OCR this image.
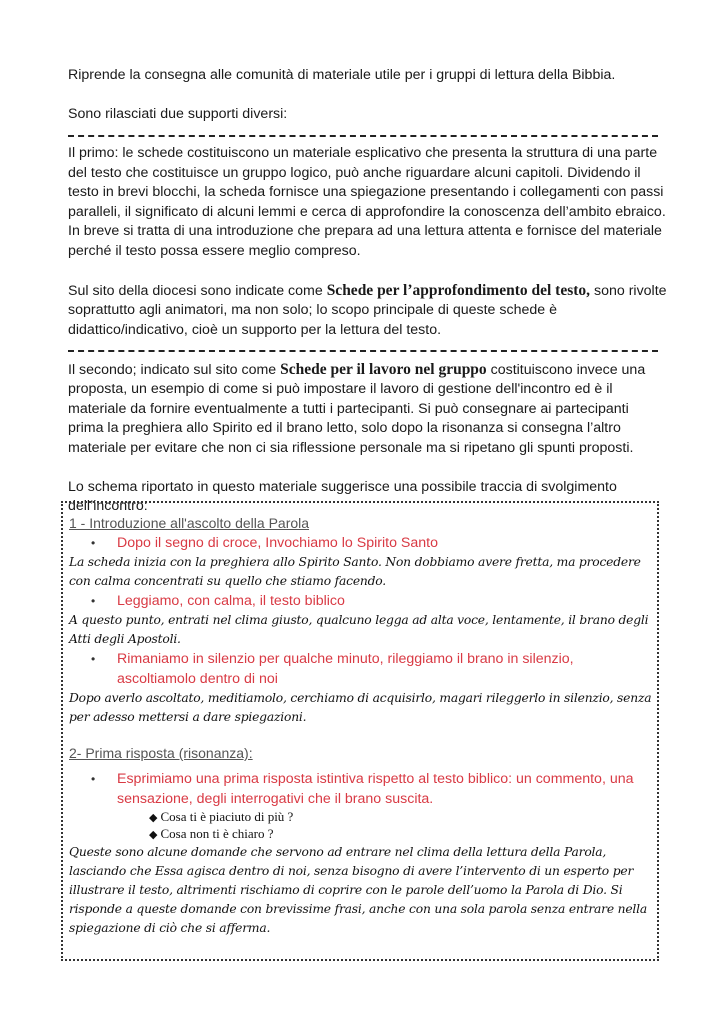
Riprende la consegna alle comunità di materiale utile per i gruppi di lettura della Bibbia.

Sono rilasciati due supporti diversi:

Il primo: le schede costituiscono un materiale esplicativo che presenta la struttura di una parte del testo che costituisce un gruppo logico, può anche riguardare alcuni capitoli. Dividendo il testo in brevi blocchi, la scheda fornisce una spiegazione presentando i collegamenti con passi paralleli, il significato di alcuni lemmi e cerca di approfondire la conoscenza dell’ambito ebraico. In breve si tratta di una introduzione che prepara ad una lettura attenta e fornisce del materiale perché il testo possa essere meglio compreso.

Sul sito della diocesi sono indicate come Schede per l’approfondimento del testo, sono rivolte soprattutto agli animatori, ma non solo; lo scopo principale di queste schede è didattico/indicativo, cioè un supporto per la lettura del testo.

Il secondo; indicato sul sito come Schede per il lavoro nel gruppo costituiscono invece una proposta, un esempio di come si può impostare il lavoro di gestione dell'incontro ed è il materiale da fornire eventualmente a tutti i partecipanti. Si può consegnare ai partecipanti prima la preghiera allo Spirito ed il brano letto, solo dopo la risonanza si consegna l’altro materiale per evitare che non ci sia riflessione personale ma si ripetano gli spunti proposti.

Lo schema riportato in questo materiale suggerisce una possibile traccia di svolgimento dell’incontro:

1 - Introduzione all'ascolto della Parola

•	Dopo il segno di croce, Invochiamo lo Spirito Santo

La scheda inizia con la preghiera allo Spirito Santo. Non dobbiamo avere fretta, ma procedere con calma concentrati su quello che stiamo facendo.

•	Leggiamo, con calma, il testo biblico

A questo punto, entrati nel clima giusto, qualcuno legga ad alta voce, lentamente, il brano degli Atti degli Apostoli.

•	Rimaniamo in silenzio per qualche minuto, rileggiamo il brano in silenzio, ascoltiamolo dentro di noi

Dopo averlo ascoltato, meditiamolo, cerchiamo di acquisirlo, magari rileggerlo in silenzio, senza per adesso mettersi a dare spiegazioni.

2- Prima risposta (risonanza):

•	Esprimiamo una prima risposta istintiva rispetto al testo biblico: un commento, una sensazione, degli interrogativi che il brano suscita.
◆ Cosa ti è piaciuto di più ?
◆ Cosa non ti è chiaro ?

Queste sono alcune domande che servono ad entrare nel clima della lettura della Parola, lasciando che Essa agisca dentro di noi, senza bisogno di avere l’intervento di un esperto per illustrare il testo, altrimenti rischiamo di coprire con le parole dell’uomo la Parola di Dio. Si risponde a queste domande con brevissime frasi, anche con una sola parola senza entrare nella spiegazione di ciò che si afferma.
